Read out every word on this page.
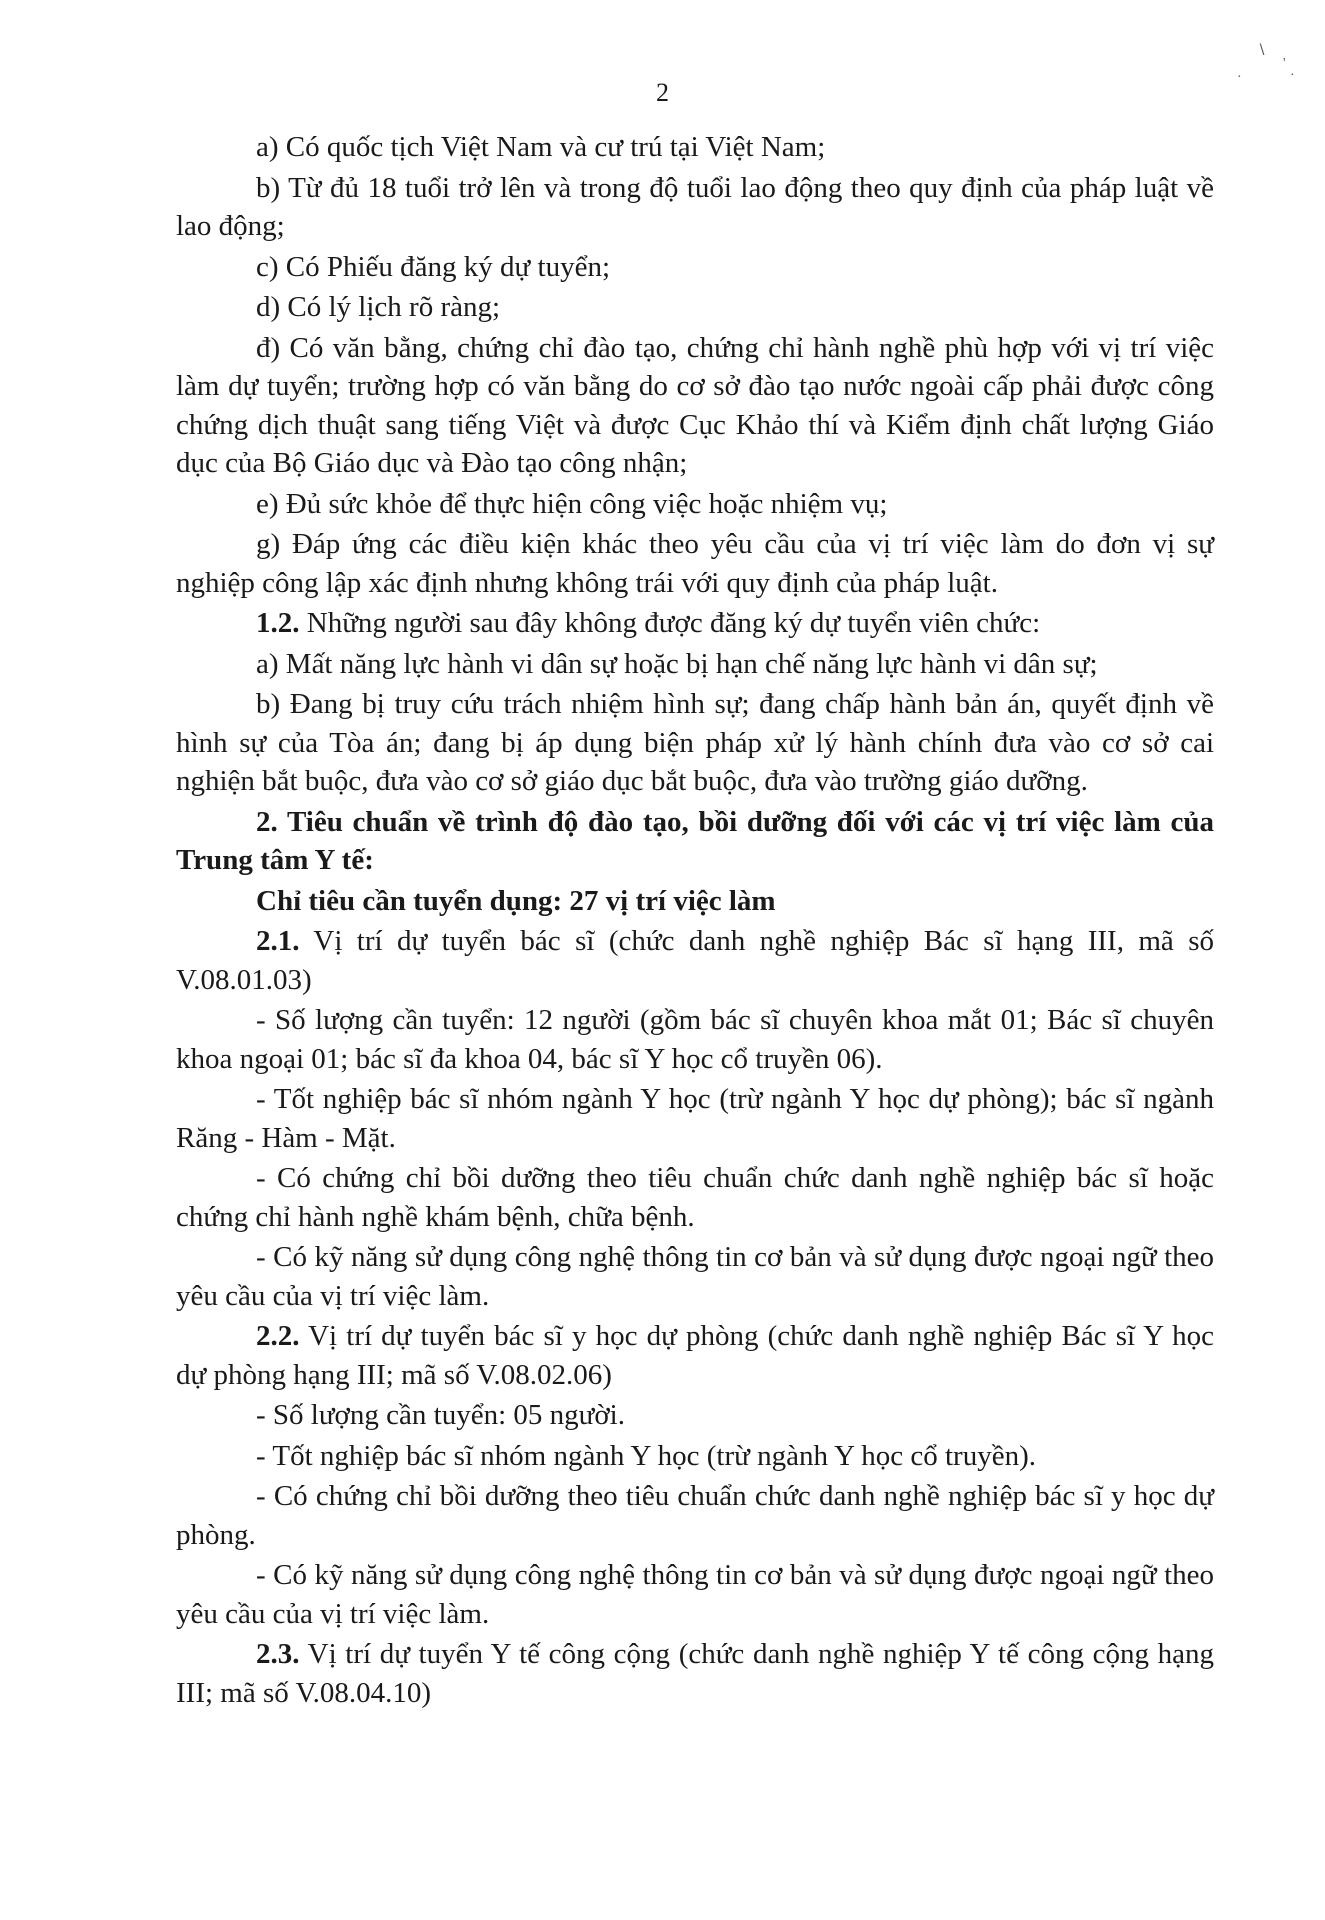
2
∖
'
·	·

a) Có quốc tịch Việt Nam và cư trú tại Việt Nam;

b) Từ đủ 18 tuổi trở lên và trong độ tuổi lao động theo quy định của pháp luật về lao động;

c) Có Phiếu đăng ký dự tuyển;

d) Có lý lịch rõ ràng;

đ) Có văn bằng, chứng chỉ đào tạo, chứng chỉ hành nghề phù hợp với vị trí việc làm dự tuyển; trường hợp có văn bằng do cơ sở đào tạo nước ngoài cấp phải được công chứng dịch thuật sang tiếng Việt và được Cục Khảo thí và Kiểm định chất lượng Giáo dục của Bộ Giáo dục và Đào tạo công nhận;

e) Đủ sức khỏe để thực hiện công việc hoặc nhiệm vụ;

g) Đáp ứng các điều kiện khác theo yêu cầu của vị trí việc làm do đơn vị sự nghiệp công lập xác định nhưng không trái với quy định của pháp luật.

1.2. Những người sau đây không được đăng ký dự tuyển viên chức:

a) Mất năng lực hành vi dân sự hoặc bị hạn chế năng lực hành vi dân sự;

b) Đang bị truy cứu trách nhiệm hình sự; đang chấp hành bản án, quyết định về hình sự của Tòa án; đang bị áp dụng biện pháp xử lý hành chính đưa vào cơ sở cai nghiện bắt buộc, đưa vào cơ sở giáo dục bắt buộc, đưa vào trường giáo dưỡng.

2. Tiêu chuẩn về trình độ đào tạo, bồi dưỡng đối với các vị trí việc làm của Trung tâm Y tế:

Chỉ tiêu cần tuyển dụng: 27 vị trí việc làm

2.1. Vị trí dự tuyển bác sĩ (chức danh nghề nghiệp Bác sĩ hạng III, mã số V.08.01.03)

- Số lượng cần tuyển: 12 người (gồm bác sĩ chuyên khoa mắt 01; Bác sĩ chuyên khoa ngoại 01; bác sĩ đa khoa 04, bác sĩ Y học cổ truyền 06).

- Tốt nghiệp bác sĩ nhóm ngành Y học (trừ ngành Y học dự phòng); bác sĩ ngành Răng - Hàm - Mặt.

- Có chứng chỉ bồi dưỡng theo tiêu chuẩn chức danh nghề nghiệp bác sĩ hoặc chứng chỉ hành nghề khám bệnh, chữa bệnh.

- Có kỹ năng sử dụng công nghệ thông tin cơ bản và sử dụng được ngoại ngữ theo yêu cầu của vị trí việc làm.

2.2. Vị trí dự tuyển bác sĩ y học dự phòng (chức danh nghề nghiệp Bác sĩ Y học dự phòng hạng III; mã số V.08.02.06)

- Số lượng cần tuyển: 05 người.

- Tốt nghiệp bác sĩ nhóm ngành Y học (trừ ngành Y học cổ truyền).

- Có chứng chỉ bồi dưỡng theo tiêu chuẩn chức danh nghề nghiệp bác sĩ y học dự phòng.

- Có kỹ năng sử dụng công nghệ thông tin cơ bản và sử dụng được ngoại ngữ theo yêu cầu của vị trí việc làm.

2.3. Vị trí dự tuyển Y tế công cộng (chức danh nghề nghiệp Y tế công cộng hạng III; mã số V.08.04.10)
